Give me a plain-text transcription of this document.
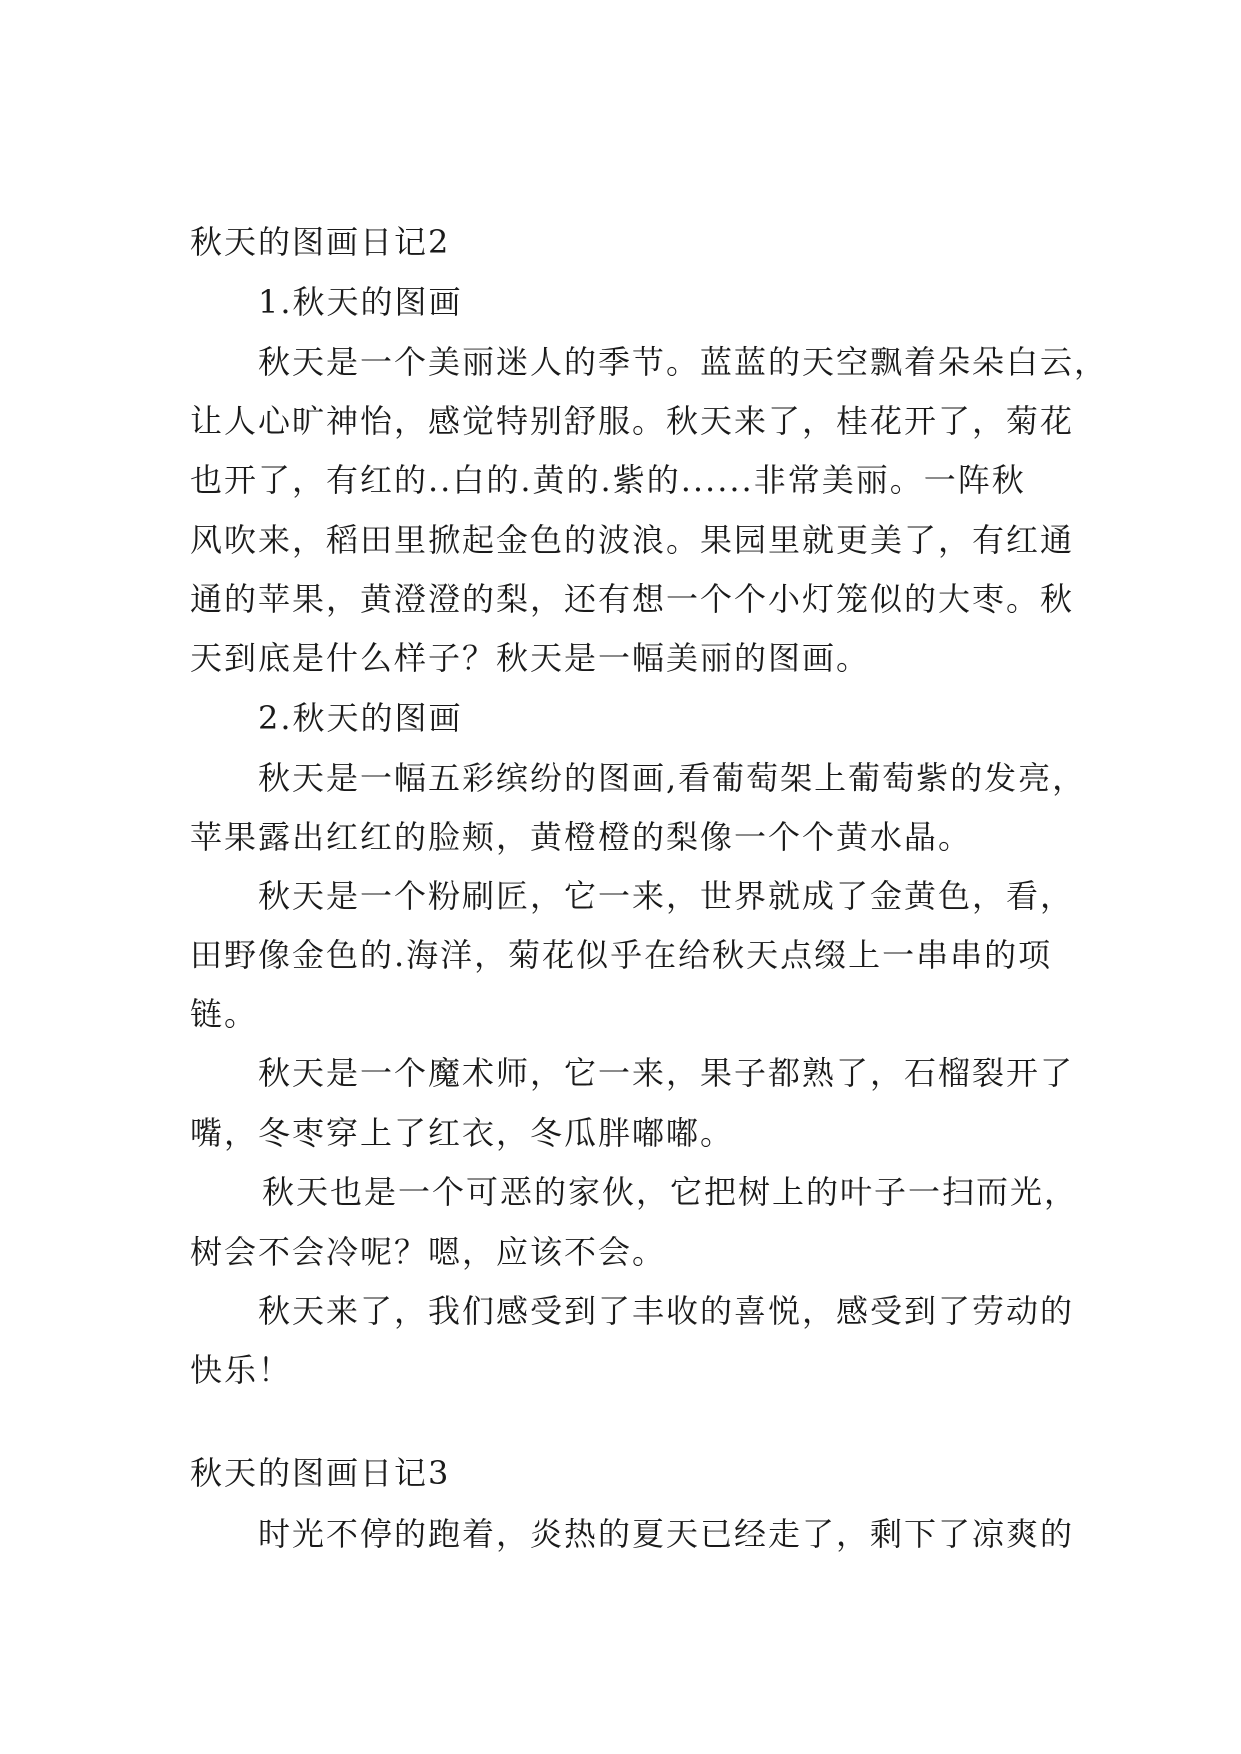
秋天的图画日记2
1.秋天的图画
秋天是一个美丽迷人的季节。蓝蓝的天空飘着朵朵白云，
让人心旷神怡，感觉特别舒服。秋天来了，桂花开了，菊花
也开了，有红的..白的.黄的.紫的......非常美丽。一阵秋
风吹来，稻田里掀起金色的波浪。果园里就更美了，有红通
通的苹果，黄澄澄的梨，还有想一个个小灯笼似的大枣。秋
天到底是什么样子？秋天是一幅美丽的图画。
2.秋天的图画
秋天是一幅五彩缤纷的图画,看葡萄架上葡萄紫的发亮，
苹果露出红红的脸颊，黄橙橙的梨像一个个黄水晶。
秋天是一个粉刷匠，它一来，世界就成了金黄色，看，
田野像金色的.海洋，菊花似乎在给秋天点缀上一串串的项
链。
秋天是一个魔术师，它一来，果子都熟了，石榴裂开了
嘴，冬枣穿上了红衣，冬瓜胖嘟嘟。
秋天也是一个可恶的家伙，它把树上的叶子一扫而光，
树会不会冷呢？嗯，应该不会。
秋天来了，我们感受到了丰收的喜悦，感受到了劳动的
快乐！
秋天的图画日记3
时光不停的跑着，炎热的夏天已经走了，剩下了凉爽的
